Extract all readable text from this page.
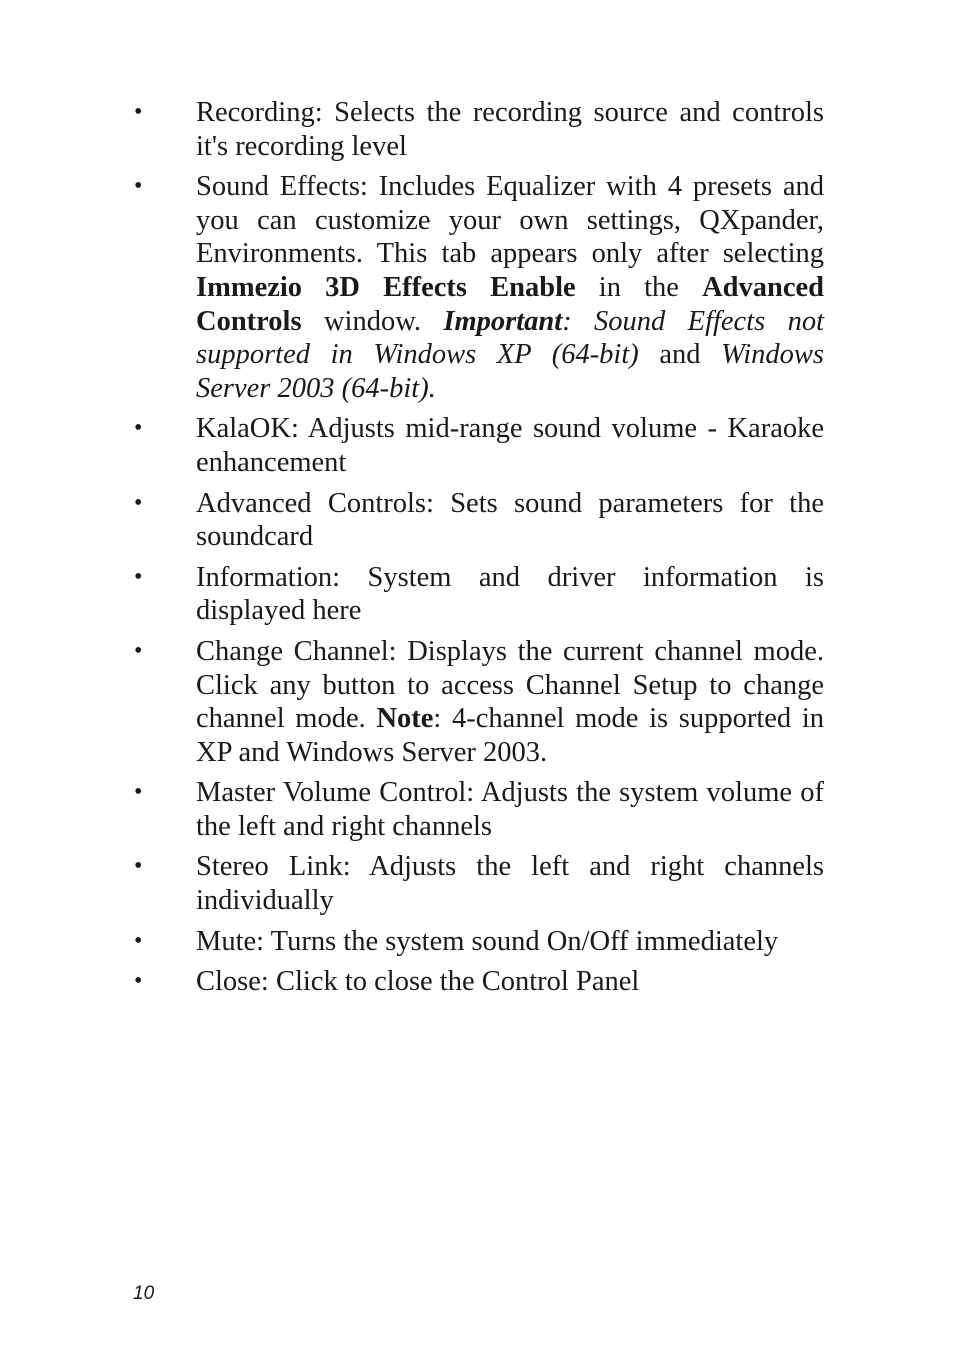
•	Recording: Selects the recording source and controls it's recording level
•	Sound Effects: Includes Equalizer with 4 presets and you can customize your own settings, QXpander, Environments. This tab appears only after selecting Immezio 3D Effects Enable in the Advanced Controls window. Important: Sound Effects not supported in Windows XP (64-bit) and Windows Server 2003 (64-bit).
•	KalaOK: Adjusts mid-range sound volume - Karaoke enhancement
•	Advanced Controls: Sets sound parameters for the soundcard
•	Information: System and driver information is displayed here
•	Change Channel: Displays the current channel mode. Click any button to access Channel Setup to change channel mode. Note: 4-channel mode is supported in XP and Windows Server 2003.
•	Master Volume Control: Adjusts the system volume of the left and right channels
•	Stereo Link: Adjusts the left and right channels individually
•	Mute: Turns the system sound On/Off immediately
•	Close: Click to close the Control Panel
10
